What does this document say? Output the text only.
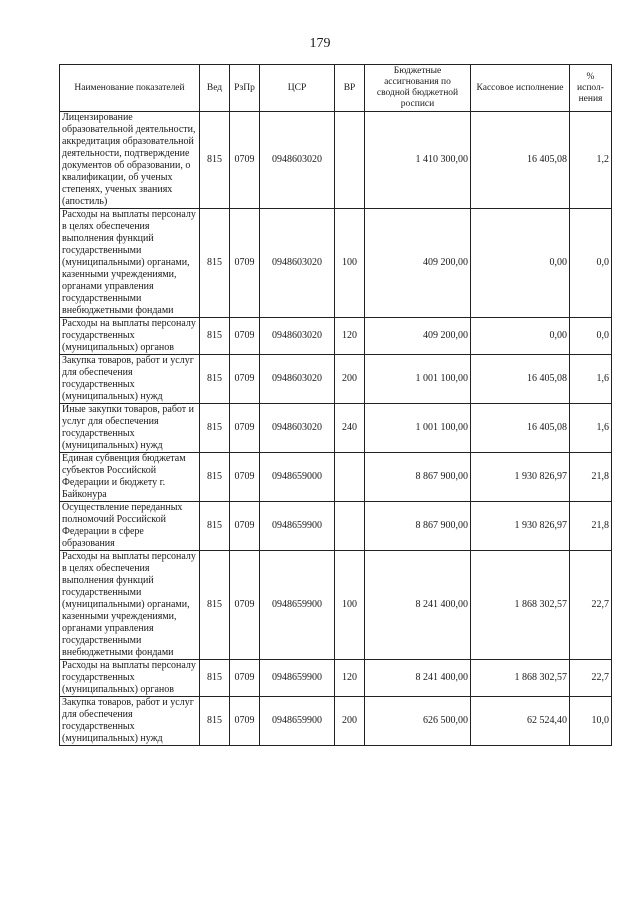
179
Наименование показателей	Вед	РзПр	ЦСР	ВР	Бюджетные ассигнования по сводной бюджетной росписи	Кассовое исполнение	% испол-нения
Лицензирование образовательной деятельности, аккредитация образовательной деятельности, подтверждение документов об образовании, о квалификации, об ученых степенях, ученых званиях (апостиль)	815	0709	0948603020		1 410 300,00	16 405,08	1,2
Расходы на выплаты персоналу в целях обеспечения выполнения функций государственными (муниципальными) органами, казенными учреждениями, органами управления государственными внебюджетными фондами	815	0709	0948603020	100	409 200,00	0,00	0,0
Расходы на выплаты персоналу государственных (муниципальных) органов	815	0709	0948603020	120	409 200,00	0,00	0,0
Закупка товаров, работ и услуг для обеспечения государственных (муниципальных) нужд	815	0709	0948603020	200	1 001 100,00	16 405,08	1,6
Иные закупки товаров, работ и услуг для обеспечения государственных (муниципальных) нужд	815	0709	0948603020	240	1 001 100,00	16 405,08	1,6
Единая субвенция бюджетам субъектов Российской Федерации и бюджету г. Байконура	815	0709	0948659000		8 867 900,00	1 930 826,97	21,8
Осуществление переданных полномочий Российской Федерации в сфере образования	815	0709	0948659900		8 867 900,00	1 930 826,97	21,8
Расходы на выплаты персоналу в целях обеспечения выполнения функций государственными (муниципальными) органами, казенными учреждениями, органами управления государственными внебюджетными фондами	815	0709	0948659900	100	8 241 400,00	1 868 302,57	22,7
Расходы на выплаты персоналу государственных (муниципальных) органов	815	0709	0948659900	120	8 241 400,00	1 868 302,57	22,7
Закупка товаров, работ и услуг для обеспечения государственных (муниципальных) нужд	815	0709	0948659900	200	626 500,00	62 524,40	10,0
